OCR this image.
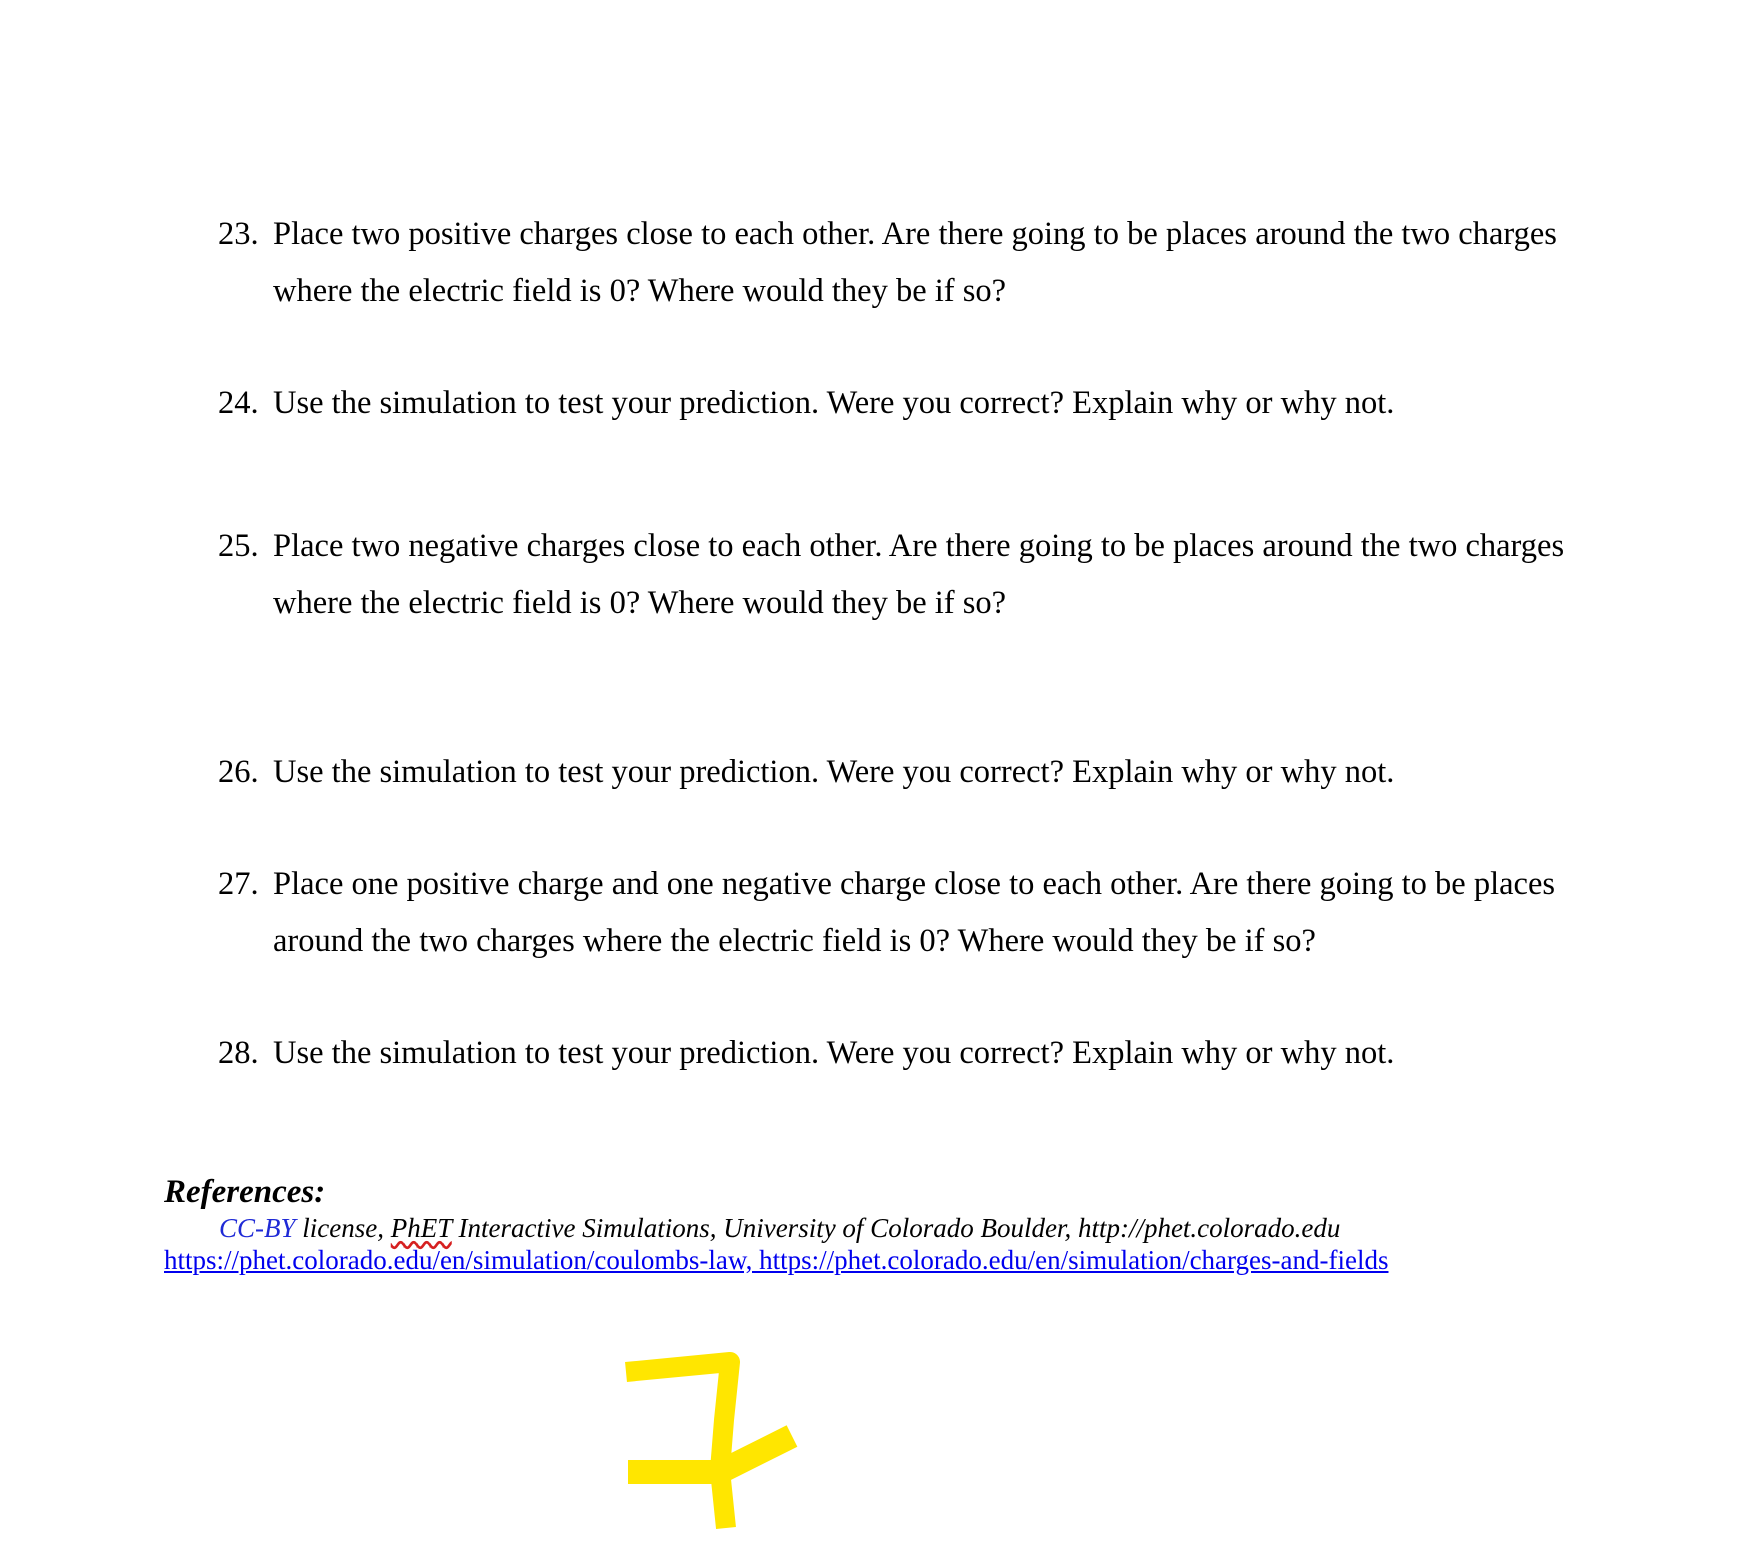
23. Place two positive charges close to each other. Are there going to be places around the two charges
where the electric field is 0? Where would they be if so?
24. Use the simulation to test your prediction. Were you correct? Explain why or why not.
25. Place two negative charges close to each other. Are there going to be places around the two charges
where the electric field is 0? Where would they be if so?
26. Use the simulation to test your prediction. Were you correct? Explain why or why not.
27. Place one positive charge and one negative charge close to each other. Are there going to be places
around the two charges where the electric field is 0? Where would they be if so?
28. Use the simulation to test your prediction. Were you correct? Explain why or why not.

References:

CC-BY license, PhET Interactive Simulations, University of Colorado Boulder, http://phet.colorado.edu

https://phet.colorado.edu/en/simulation/coulombs-law, https://phet.colorado.edu/en/simulation/charges-and-fields
